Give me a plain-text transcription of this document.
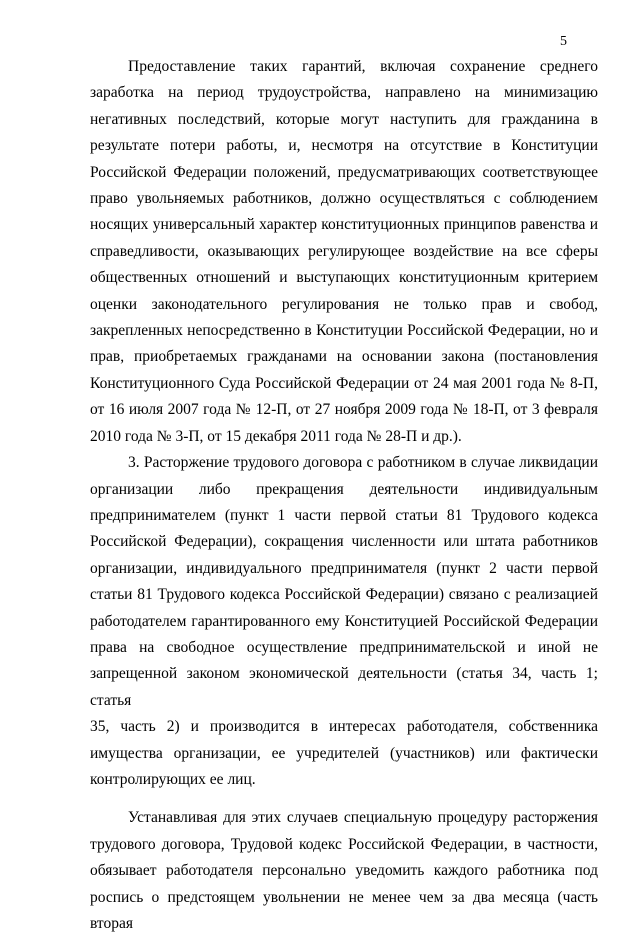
5

Предоставление таких гарантий, включая сохранение среднего

заработка на период трудоустройства, направлено на минимизацию

негативных последствий, которые могут наступить для гражданина в

результате потери работы, и, несмотря на отсутствие в Конституции

Российской Федерации положений, предусматривающих соответствующее

право увольняемых работников, должно осуществляться с соблюдением

носящих универсальный характер конституционных принципов равенства и

справедливости, оказывающих регулирующее воздействие на все сферы

общественных отношений и выступающих конституционным критерием

оценки законодательного регулирования не только прав и свобод,

закрепленных непосредственно в Конституции Российской Федерации, но и

прав, приобретаемых гражданами на основании закона (постановления

Конституционного Суда Российской Федерации от 24 мая 2001 года № 8-П,

от 16 июля 2007 года № 12-П, от 27 ноября 2009 года № 18-П, от 3 февраля

2010 года № 3-П, от 15 декабря 2011 года № 28-П и др.).

3. Расторжение трудового договора с работником в случае ликвидации

организации либо прекращения деятельности индивидуальным

предпринимателем (пункт 1 части первой статьи 81 Трудового кодекса

Российской Федерации), сокращения численности или штата работников

организации, индивидуального предпринимателя (пункт 2 части первой

статьи 81 Трудового кодекса Российской Федерации) связано с реализацией

работодателем гарантированного ему Конституцией Российской Федерации

права на свободное осуществление предпринимательской и иной не

запрещенной законом экономической деятельности (статья 34, часть 1; статья

35, часть 2) и производится в интересах работодателя, собственника

имущества организации, ее учредителей (участников) или фактически

контролирующих ее лиц.

Устанавливая для этих случаев специальную процедуру расторжения

трудового договора, Трудовой кодекс Российской Федерации, в частности,

обязывает работодателя персонально уведомить каждого работника под

роспись о предстоящем увольнении не менее чем за два месяца (часть вторая
